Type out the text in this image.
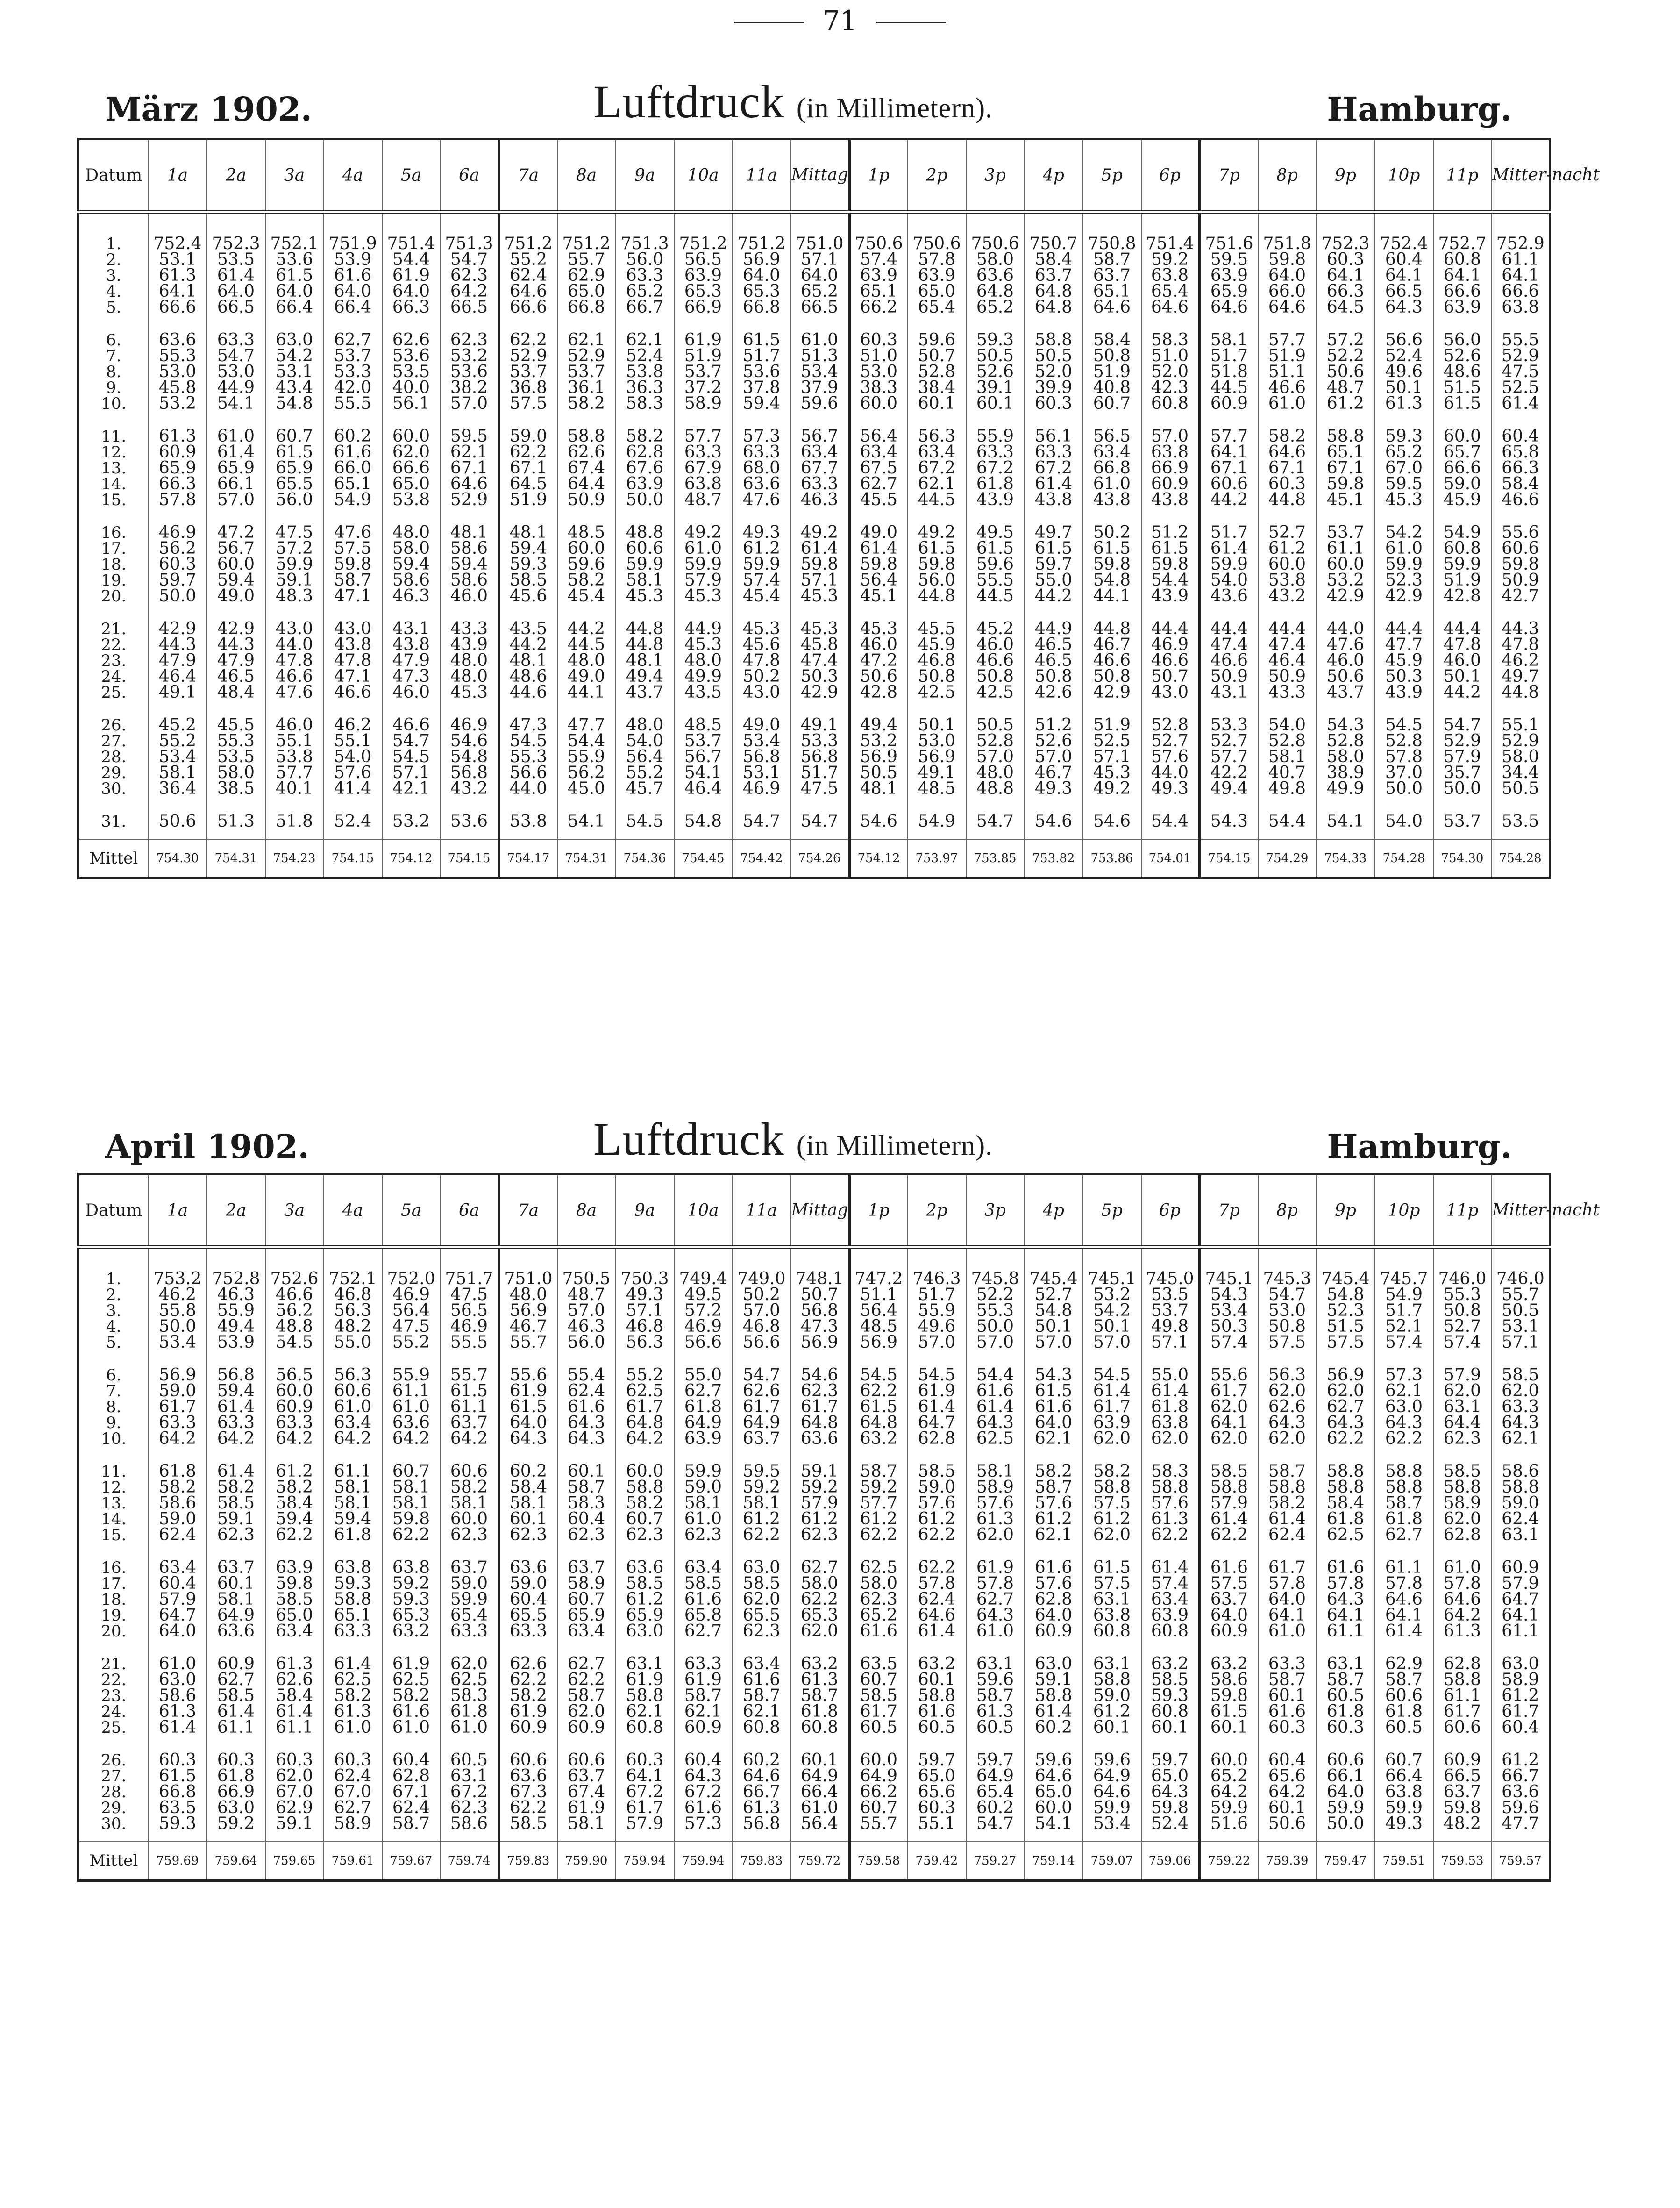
71
März 1902.	Luftdruck (in Millimetern).	Hamburg.
Datum	1a	2a	3a	4a	5a	6a	7a	8a	9a	10a	11a	Mittag	1p	2p	3p	4p	5p	6p	7p	8p	9p	10p	11p	Mitter-nacht

1.	752.4	752.3	752.1	751.9	751.4	751.3	751.2	751.2	751.3	751.2	751.2	751.0	750.6	750.6	750.6	750.7	750.8	751.4	751.6	751.8	752.3	752.4	752.7	752.9
2.	53.1	53.5	53.6	53.9	54.4	54.7	55.2	55.7	56.0	56.5	56.9	57.1	57.4	57.8	58.0	58.4	58.7	59.2	59.5	59.8	60.3	60.4	60.8	61.1
3.	61.3	61.4	61.5	61.6	61.9	62.3	62.4	62.9	63.3	63.9	64.0	64.0	63.9	63.9	63.6	63.7	63.7	63.8	63.9	64.0	64.1	64.1	64.1	64.1
4.	64.1	64.0	64.0	64.0	64.0	64.2	64.6	65.0	65.2	65.3	65.3	65.2	65.1	65.0	64.8	64.8	65.1	65.4	65.9	66.0	66.3	66.5	66.6	66.6
5.	66.6	66.5	66.4	66.4	66.3	66.5	66.6	66.8	66.7	66.9	66.8	66.5	66.2	65.4	65.2	64.8	64.6	64.6	64.6	64.6	64.5	64.3	63.9	63.8

6.	63.6	63.3	63.0	62.7	62.6	62.3	62.2	62.1	62.1	61.9	61.5	61.0	60.3	59.6	59.3	58.8	58.4	58.3	58.1	57.7	57.2	56.6	56.0	55.5
7.	55.3	54.7	54.2	53.7	53.6	53.2	52.9	52.9	52.4	51.9	51.7	51.3	51.0	50.7	50.5	50.5	50.8	51.0	51.7	51.9	52.2	52.4	52.6	52.9
8.	53.0	53.0	53.1	53.3	53.5	53.6	53.7	53.7	53.8	53.7	53.6	53.4	53.0	52.8	52.6	52.0	51.9	52.0	51.8	51.1	50.6	49.6	48.6	47.5
9.	45.8	44.9	43.4	42.0	40.0	38.2	36.8	36.1	36.3	37.2	37.8	37.9	38.3	38.4	39.1	39.9	40.8	42.3	44.5	46.6	48.7	50.1	51.5	52.5
10.	53.2	54.1	54.8	55.5	56.1	57.0	57.5	58.2	58.3	58.9	59.4	59.6	60.0	60.1	60.1	60.3	60.7	60.8	60.9	61.0	61.2	61.3	61.5	61.4

11.	61.3	61.0	60.7	60.2	60.0	59.5	59.0	58.8	58.2	57.7	57.3	56.7	56.4	56.3	55.9	56.1	56.5	57.0	57.7	58.2	58.8	59.3	60.0	60.4
12.	60.9	61.4	61.5	61.6	62.0	62.1	62.2	62.6	62.8	63.3	63.3	63.4	63.4	63.4	63.3	63.3	63.4	63.8	64.1	64.6	65.1	65.2	65.7	65.8
13.	65.9	65.9	65.9	66.0	66.6	67.1	67.1	67.4	67.6	67.9	68.0	67.7	67.5	67.2	67.2	67.2	66.8	66.9	67.1	67.1	67.1	67.0	66.6	66.3
14.	66.3	66.1	65.5	65.1	65.0	64.6	64.5	64.4	63.9	63.8	63.6	63.3	62.7	62.1	61.8	61.4	61.0	60.9	60.6	60.3	59.8	59.5	59.0	58.4
15.	57.8	57.0	56.0	54.9	53.8	52.9	51.9	50.9	50.0	48.7	47.6	46.3	45.5	44.5	43.9	43.8	43.8	43.8	44.2	44.8	45.1	45.3	45.9	46.6

16.	46.9	47.2	47.5	47.6	48.0	48.1	48.1	48.5	48.8	49.2	49.3	49.2	49.0	49.2	49.5	49.7	50.2	51.2	51.7	52.7	53.7	54.2	54.9	55.6
17.	56.2	56.7	57.2	57.5	58.0	58.6	59.4	60.0	60.6	61.0	61.2	61.4	61.4	61.5	61.5	61.5	61.5	61.5	61.4	61.2	61.1	61.0	60.8	60.6
18.	60.3	60.0	59.9	59.8	59.4	59.4	59.3	59.6	59.9	59.9	59.9	59.8	59.8	59.8	59.6	59.7	59.8	59.8	59.9	60.0	60.0	59.9	59.9	59.8
19.	59.7	59.4	59.1	58.7	58.6	58.6	58.5	58.2	58.1	57.9	57.4	57.1	56.4	56.0	55.5	55.0	54.8	54.4	54.0	53.8	53.2	52.3	51.9	50.9
20.	50.0	49.0	48.3	47.1	46.3	46.0	45.6	45.4	45.3	45.3	45.4	45.3	45.1	44.8	44.5	44.2	44.1	43.9	43.6	43.2	42.9	42.9	42.8	42.7

21.	42.9	42.9	43.0	43.0	43.1	43.3	43.5	44.2	44.8	44.9	45.3	45.3	45.3	45.5	45.2	44.9	44.8	44.4	44.4	44.4	44.0	44.4	44.4	44.3
22.	44.3	44.3	44.0	43.8	43.8	43.9	44.2	44.5	44.8	45.3	45.6	45.8	46.0	45.9	46.0	46.5	46.7	46.9	47.4	47.4	47.6	47.7	47.8	47.8
23.	47.9	47.9	47.8	47.8	47.9	48.0	48.1	48.0	48.1	48.0	47.8	47.4	47.2	46.8	46.6	46.5	46.6	46.6	46.6	46.4	46.0	45.9	46.0	46.2
24.	46.4	46.5	46.6	47.1	47.3	48.0	48.6	49.0	49.4	49.9	50.2	50.3	50.6	50.8	50.8	50.8	50.8	50.7	50.9	50.9	50.6	50.3	50.1	49.7
25.	49.1	48.4	47.6	46.6	46.0	45.3	44.6	44.1	43.7	43.5	43.0	42.9	42.8	42.5	42.5	42.6	42.9	43.0	43.1	43.3	43.7	43.9	44.2	44.8

26.	45.2	45.5	46.0	46.2	46.6	46.9	47.3	47.7	48.0	48.5	49.0	49.1	49.4	50.1	50.5	51.2	51.9	52.8	53.3	54.0	54.3	54.5	54.7	55.1
27.	55.2	55.3	55.1	55.1	54.7	54.6	54.5	54.4	54.0	53.7	53.4	53.3	53.2	53.0	52.8	52.6	52.5	52.7	52.7	52.8	52.8	52.8	52.9	52.9
28.	53.4	53.5	53.8	54.0	54.5	54.8	55.3	55.9	56.4	56.7	56.8	56.8	56.9	56.9	57.0	57.0	57.1	57.6	57.7	58.1	58.0	57.8	57.9	58.0
29.	58.1	58.0	57.7	57.6	57.1	56.8	56.6	56.2	55.2	54.1	53.1	51.7	50.5	49.1	48.0	46.7	45.3	44.0	42.2	40.7	38.9	37.0	35.7	34.4
30.	36.4	38.5	40.1	41.4	42.1	43.2	44.0	45.0	45.7	46.4	46.9	47.5	48.1	48.5	48.8	49.3	49.2	49.3	49.4	49.8	49.9	50.0	50.0	50.5

31.	50.6	51.3	51.8	52.4	53.2	53.6	53.8	54.1	54.5	54.8	54.7	54.7	54.6	54.9	54.7	54.6	54.6	54.4	54.3	54.4	54.1	54.0	53.7	53.5

Mittel	754.30	754.31	754.23	754.15	754.12	754.15	754.17	754.31	754.36	754.45	754.42	754.26	754.12	753.97	753.85	753.82	753.86	754.01	754.15	754.29	754.33	754.28	754.30	754.28
April 1902.	Luftdruck (in Millimetern).	Hamburg.
Datum	1a	2a	3a	4a	5a	6a	7a	8a	9a	10a	11a	Mittag	1p	2p	3p	4p	5p	6p	7p	8p	9p	10p	11p	Mitter-nacht

1.	753.2	752.8	752.6	752.1	752.0	751.7	751.0	750.5	750.3	749.4	749.0	748.1	747.2	746.3	745.8	745.4	745.1	745.0	745.1	745.3	745.4	745.7	746.0	746.0
2.	46.2	46.3	46.6	46.8	46.9	47.5	48.0	48.7	49.3	49.5	50.2	50.7	51.1	51.7	52.2	52.7	53.2	53.5	54.3	54.7	54.8	54.9	55.3	55.7
3.	55.8	55.9	56.2	56.3	56.4	56.5	56.9	57.0	57.1	57.2	57.0	56.8	56.4	55.9	55.3	54.8	54.2	53.7	53.4	53.0	52.3	51.7	50.8	50.5
4.	50.0	49.4	48.8	48.2	47.5	46.9	46.7	46.3	46.8	46.9	46.8	47.3	48.5	49.6	50.0	50.1	50.1	49.8	50.3	50.8	51.5	52.1	52.7	53.1
5.	53.4	53.9	54.5	55.0	55.2	55.5	55.7	56.0	56.3	56.6	56.6	56.9	56.9	57.0	57.0	57.0	57.0	57.1	57.4	57.5	57.5	57.4	57.4	57.1

6.	56.9	56.8	56.5	56.3	55.9	55.7	55.6	55.4	55.2	55.0	54.7	54.6	54.5	54.5	54.4	54.3	54.5	55.0	55.6	56.3	56.9	57.3	57.9	58.5
7.	59.0	59.4	60.0	60.6	61.1	61.5	61.9	62.4	62.5	62.7	62.6	62.3	62.2	61.9	61.6	61.5	61.4	61.4	61.7	62.0	62.0	62.1	62.0	62.0
8.	61.7	61.4	60.9	61.0	61.0	61.1	61.5	61.6	61.7	61.8	61.7	61.7	61.5	61.4	61.4	61.6	61.7	61.8	62.0	62.6	62.7	63.0	63.1	63.3
9.	63.3	63.3	63.3	63.4	63.6	63.7	64.0	64.3	64.8	64.9	64.9	64.8	64.8	64.7	64.3	64.0	63.9	63.8	64.1	64.3	64.3	64.3	64.4	64.3
10.	64.2	64.2	64.2	64.2	64.2	64.2	64.3	64.3	64.2	63.9	63.7	63.6	63.2	62.8	62.5	62.1	62.0	62.0	62.0	62.0	62.2	62.2	62.3	62.1

11.	61.8	61.4	61.2	61.1	60.7	60.6	60.2	60.1	60.0	59.9	59.5	59.1	58.7	58.5	58.1	58.2	58.2	58.3	58.5	58.7	58.8	58.8	58.5	58.6
12.	58.2	58.2	58.2	58.1	58.1	58.2	58.4	58.7	58.8	59.0	59.2	59.2	59.2	59.0	58.9	58.7	58.8	58.8	58.8	58.8	58.8	58.8	58.8	58.8
13.	58.6	58.5	58.4	58.1	58.1	58.1	58.1	58.3	58.2	58.1	58.1	57.9	57.7	57.6	57.6	57.6	57.5	57.6	57.9	58.2	58.4	58.7	58.9	59.0
14.	59.0	59.1	59.4	59.4	59.8	60.0	60.1	60.4	60.7	61.0	61.2	61.2	61.2	61.2	61.3	61.2	61.2	61.3	61.4	61.4	61.8	61.8	62.0	62.4
15.	62.4	62.3	62.2	61.8	62.2	62.3	62.3	62.3	62.3	62.3	62.2	62.3	62.2	62.2	62.0	62.1	62.0	62.2	62.2	62.4	62.5	62.7	62.8	63.1

16.	63.4	63.7	63.9	63.8	63.8	63.7	63.6	63.7	63.6	63.4	63.0	62.7	62.5	62.2	61.9	61.6	61.5	61.4	61.6	61.7	61.6	61.1	61.0	60.9
17.	60.4	60.1	59.8	59.3	59.2	59.0	59.0	58.9	58.5	58.5	58.5	58.0	58.0	57.8	57.8	57.6	57.5	57.4	57.5	57.8	57.8	57.8	57.8	57.9
18.	57.9	58.1	58.5	58.8	59.3	59.9	60.4	60.7	61.2	61.6	62.0	62.2	62.3	62.4	62.7	62.8	63.1	63.4	63.7	64.0	64.3	64.6	64.6	64.7
19.	64.7	64.9	65.0	65.1	65.3	65.4	65.5	65.9	65.9	65.8	65.5	65.3	65.2	64.6	64.3	64.0	63.8	63.9	64.0	64.1	64.1	64.1	64.2	64.1
20.	64.0	63.6	63.4	63.3	63.2	63.3	63.3	63.4	63.0	62.7	62.3	62.0	61.6	61.4	61.0	60.9	60.8	60.8	60.9	61.0	61.1	61.4	61.3	61.1

21.	61.0	60.9	61.3	61.4	61.9	62.0	62.6	62.7	63.1	63.3	63.4	63.2	63.5	63.2	63.1	63.0	63.1	63.2	63.2	63.3	63.1	62.9	62.8	63.0
22.	63.0	62.7	62.6	62.5	62.5	62.5	62.2	62.2	61.9	61.9	61.6	61.3	60.7	60.1	59.6	59.1	58.8	58.5	58.6	58.7	58.7	58.7	58.8	58.9
23.	58.6	58.5	58.4	58.2	58.2	58.3	58.2	58.7	58.8	58.7	58.7	58.7	58.5	58.8	58.7	58.8	59.0	59.3	59.8	60.1	60.5	60.6	61.1	61.2
24.	61.3	61.4	61.4	61.3	61.6	61.8	61.9	62.0	62.1	62.1	62.1	61.8	61.7	61.6	61.3	61.4	61.2	60.8	61.5	61.6	61.8	61.8	61.7	61.7
25.	61.4	61.1	61.1	61.0	61.0	61.0	60.9	60.9	60.8	60.9	60.8	60.8	60.5	60.5	60.5	60.2	60.1	60.1	60.1	60.3	60.3	60.5	60.6	60.4

26.	60.3	60.3	60.3	60.3	60.4	60.5	60.6	60.6	60.3	60.4	60.2	60.1	60.0	59.7	59.7	59.6	59.6	59.7	60.0	60.4	60.6	60.7	60.9	61.2
27.	61.5	61.8	62.0	62.4	62.8	63.1	63.6	63.7	64.1	64.3	64.6	64.9	64.9	65.0	64.9	64.6	64.9	65.0	65.2	65.6	66.1	66.4	66.5	66.7
28.	66.8	66.9	67.0	67.0	67.1	67.2	67.3	67.4	67.2	67.2	66.7	66.4	66.2	65.6	65.4	65.0	64.6	64.3	64.2	64.2	64.0	63.8	63.7	63.6
29.	63.5	63.0	62.9	62.7	62.4	62.3	62.2	61.9	61.7	61.6	61.3	61.0	60.7	60.3	60.2	60.0	59.9	59.8	59.9	60.1	59.9	59.9	59.8	59.6
30.	59.3	59.2	59.1	58.9	58.7	58.6	58.5	58.1	57.9	57.3	56.8	56.4	55.7	55.1	54.7	54.1	53.4	52.4	51.6	50.6	50.0	49.3	48.2	47.7

Mittel	759.69	759.64	759.65	759.61	759.67	759.74	759.83	759.90	759.94	759.94	759.83	759.72	759.58	759.42	759.27	759.14	759.07	759.06	759.22	759.39	759.47	759.51	759.53	759.57
